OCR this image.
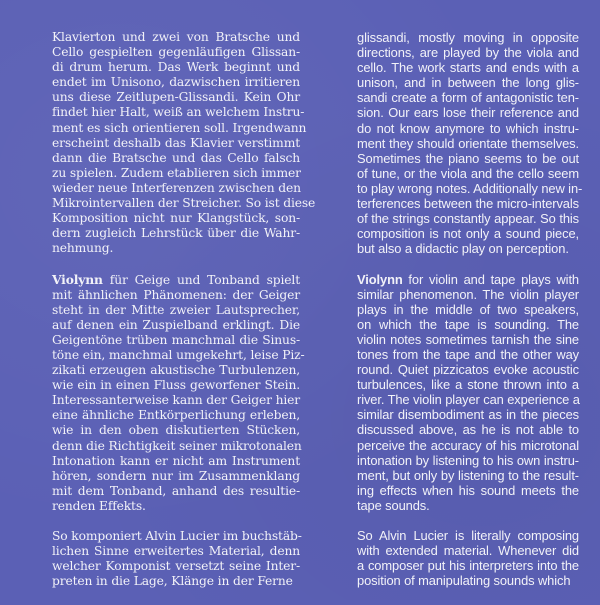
Klavierton und zwei von Bratsche und
Cello gespielten gegenläufigen Glissan-
di drum herum. Das Werk beginnt und
endet im Unisono, dazwischen irritieren
uns diese Zeitlupen-Glissandi. Kein Ohr
findet hier Halt, weiß an welchem Instru-
ment es sich orientieren soll. Irgendwann
erscheint deshalb das Klavier verstimmt
dann die Bratsche und das Cello falsch
zu spielen. Zudem etablieren sich immer
wieder neue Interferenzen zwischen den
Mikrointervallen der Streicher. So ist diese
Komposition nicht nur Klangstück, son-
dern zugleich Lehrstück über die Wahr-
nehmung.
Violynn für Geige und Tonband spielt
mit ähnlichen Phänomenen: der Geiger
steht in der Mitte zweier Lautsprecher,
auf denen ein Zuspielband erklingt. Die
Geigentöne trüben manchmal die Sinus-
töne ein, manchmal umgekehrt, leise Piz-
zikati erzeugen akustische Turbulenzen,
wie ein in einen Fluss geworfener Stein.
Interessanterweise kann der Geiger hier
eine ähnliche Entkörperlichung erleben,
wie in den oben diskutierten Stücken,
denn die Richtigkeit seiner mikrotonalen
Intonation kann er nicht am Instrument
hören, sondern nur im Zusammenklang
mit dem Tonband, anhand des resultie-
renden Effekts.
So komponiert Alvin Lucier im buchstäb-
lichen Sinne erweitertes Material, denn
welcher Komponist versetzt seine Inter-
preten in die Lage, Klänge in der Ferne
glissandi, mostly moving in opposite
directions, are played by the viola and
cello. The work starts and ends with a
unison, and in between the long glis-
sandi create a form of antagonistic ten-
sion. Our ears lose their reference and
do not know anymore to which instru-
ment they should orientate themselves.
Sometimes the piano seems to be out
of tune, or the viola and the cello seem
to play wrong notes. Additionally new in-
terferences between the micro-intervals
of the strings constantly appear. So this
composition is not only a sound piece,
but also a didactic play on perception.
Violynn for violin and tape plays with
similar phenomenon. The violin player
plays in the middle of two speakers,
on which the tape is sounding. The
violin notes sometimes tarnish the sine
tones from the tape and the other way
round. Quiet pizzicatos evoke acoustic
turbulences, like a stone thrown into a
river. The violin player can experience a
similar disembodiment as in the pieces
discussed above, as he is not able to
perceive the accuracy of his microtonal
intonation by listening to his own instru-
ment, but only by listening to the result-
ing effects when his sound meets the
tape sounds.
So Alvin Lucier is literally composing
with extended material. Whenever did
a composer put his interpreters into the
position of manipulating sounds which
